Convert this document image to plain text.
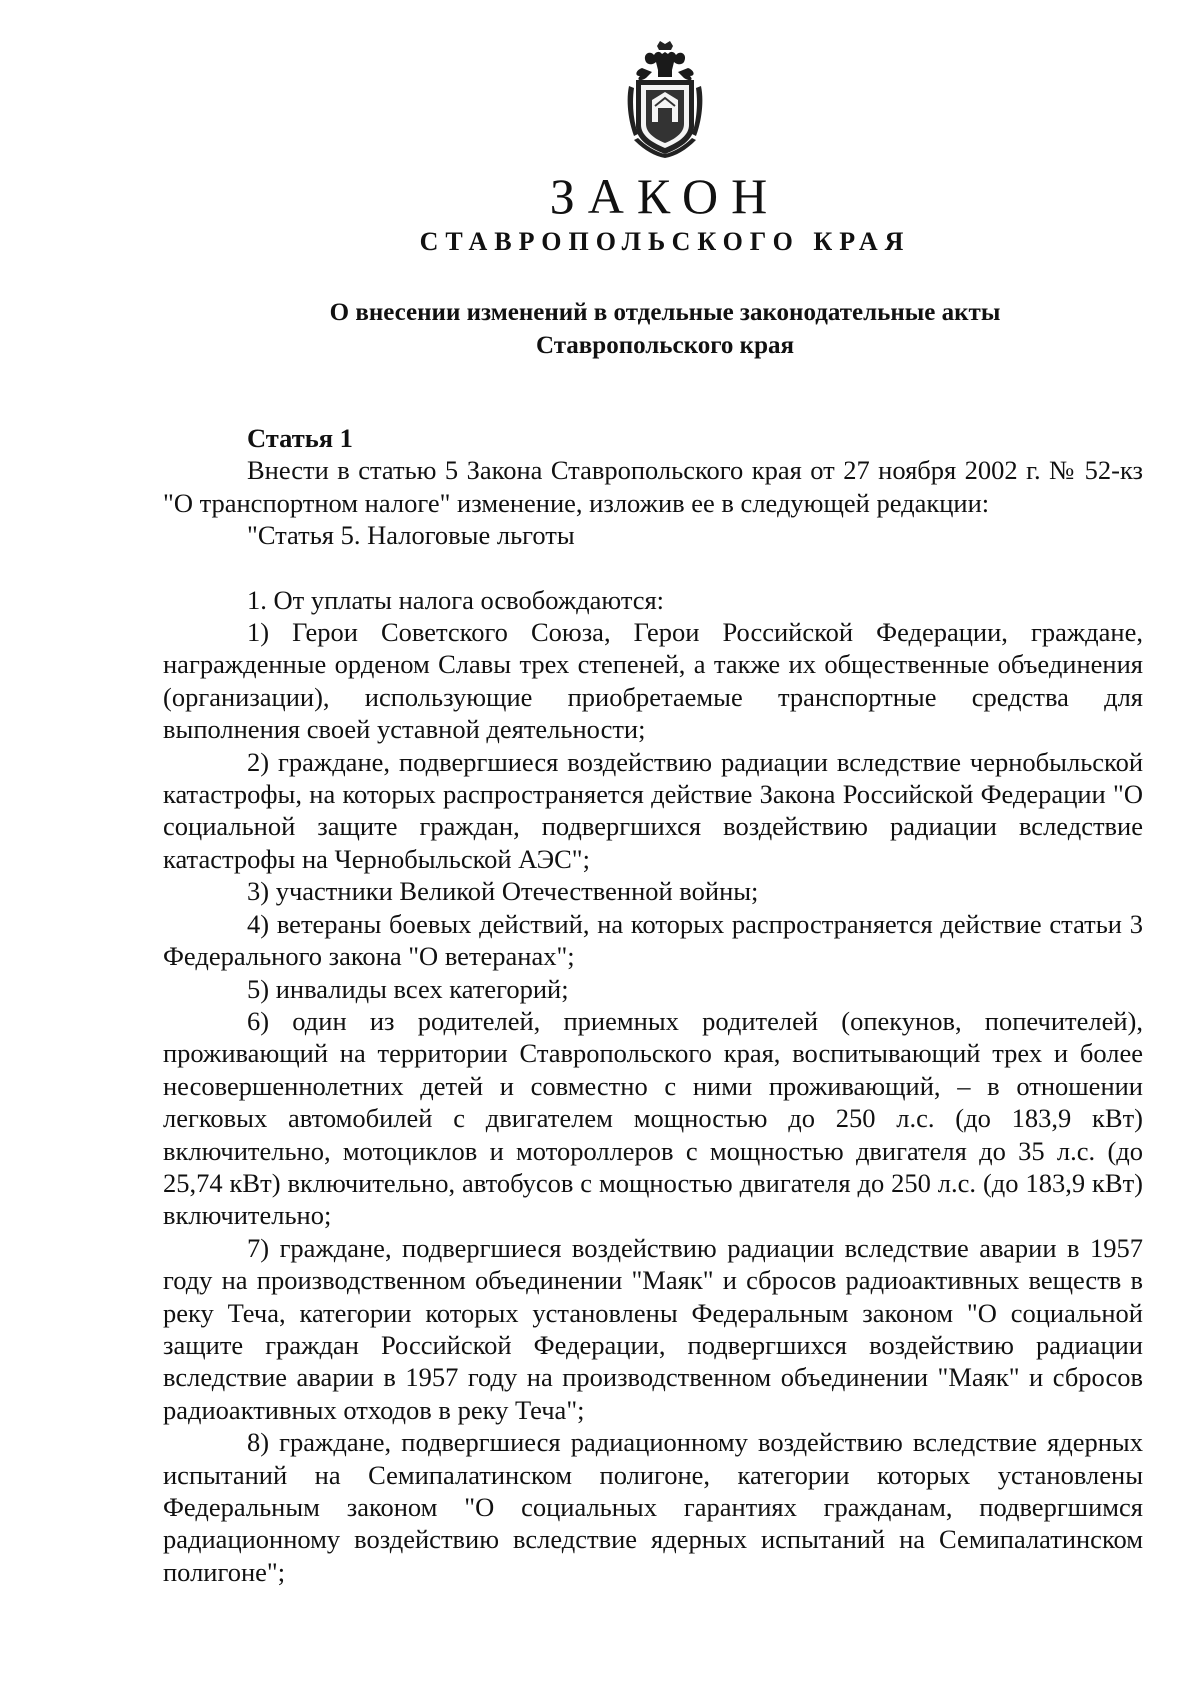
ЗАКОН
СТАВРОПОЛЬСКОГО КРАЯ
О внесении изменений в отдельные законодательные акты
Ставропольского края

Статья 1

Внести в статью 5 Закона Ставропольского края от 27 ноября 2002 г. № 52-кз "О транспортном налоге" изменение, изложив ее в следующей редакции:

"Статья 5. Налоговые льготы

1. От уплаты налога освобождаются:

1) Герои Советского Союза, Герои Российской Федерации, граждане, награжденные орденом Славы трех степеней, а также их общественные объединения (организации), использующие приобретаемые транспортные средства для выполнения своей уставной деятельности;

2) граждане, подвергшиеся воздействию радиации вследствие чернобыльской катастрофы, на которых распространяется действие Закона Российской Федерации "О социальной защите граждан, подвергшихся воздействию радиации вследствие катастрофы на Чернобыльской АЭС";

3) участники Великой Отечественной войны;

4) ветераны боевых действий, на которых распространяется действие статьи 3 Федерального закона "О ветеранах";

5) инвалиды всех категорий;

6) один из родителей, приемных родителей (опекунов, попечителей), проживающий на территории Ставропольского края, воспитывающий трех и более несовершеннолетних детей и совместно с ними проживающий, – в отношении легковых автомобилей с двигателем мощностью до 250 л.с. (до 183,9 кВт) включительно, мотоциклов и мотороллеров с мощностью двигателя до 35 л.с. (до 25,74 кВт) включительно, автобусов с мощностью двигателя до 250 л.с. (до 183,9 кВт) включительно;

7) граждане, подвергшиеся воздействию радиации вследствие аварии в 1957 году на производственном объединении "Маяк" и сбросов радиоактивных веществ в реку Теча, категории которых установлены Федеральным законом "О социальной защите граждан Российской Федерации, подвергшихся воздействию радиации вследствие аварии в 1957 году на производственном объединении "Маяк" и сбросов радиоактивных отходов в реку Теча";

8) граждане, подвергшиеся радиационному воздействию вследствие ядерных испытаний на Семипалатинском полигоне, категории которых установлены Федеральным законом "О социальных гарантиях гражданам, подвергшимся радиационному воздействию вследствие ядерных испытаний на Семипалатинском полигоне";
